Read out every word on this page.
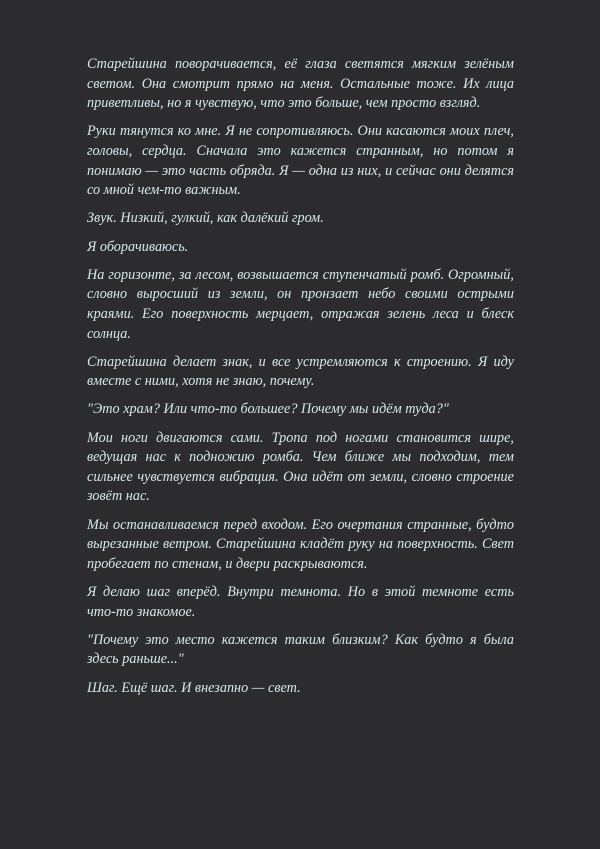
Старейшина поворачивается, её глаза светятся мягким зелёным светом. Она смотрит прямо на меня. Остальные тоже. Их лица приветливы, но я чувствую, что это больше, чем просто взгляд.

Руки тянутся ко мне. Я не сопротивляюсь. Они касаются моих плеч, головы, сердца. Сначала это кажется странным, но потом я понимаю — это часть обряда. Я — одна из них, и сейчас они делятся со мной чем-то важным.

Звук. Низкий, гулкий, как далёкий гром.

Я оборачиваюсь.

На горизонте, за лесом, возвышается ступенчатый ромб. Огромный, словно выросший из земли, он пронзает небо своими острыми краями. Его поверхность мерцает, отражая зелень леса и блеск солнца.

Старейшина делает знак, и все устремляются к строению. Я иду вместе с ними, хотя не знаю, почему.

"Это храм? Или что-то большее? Почему мы идём туда?"

Мои ноги двигаются сами. Тропа под ногами становится шире, ведущая нас к подножию ромба. Чем ближе мы подходим, тем сильнее чувствуется вибрация. Она идёт от земли, словно строение зовёт нас.

Мы останавливаемся перед входом. Его очертания странные, будто вырезанные ветром. Старейшина кладёт руку на поверхность. Свет пробегает по стенам, и двери раскрываются.

Я делаю шаг вперёд. Внутри темнота. Но в этой темноте есть что-то знакомое.

"Почему это место кажется таким близким? Как будто я была здесь раньше..."

Шаг. Ещё шаг. И внезапно — свет.
